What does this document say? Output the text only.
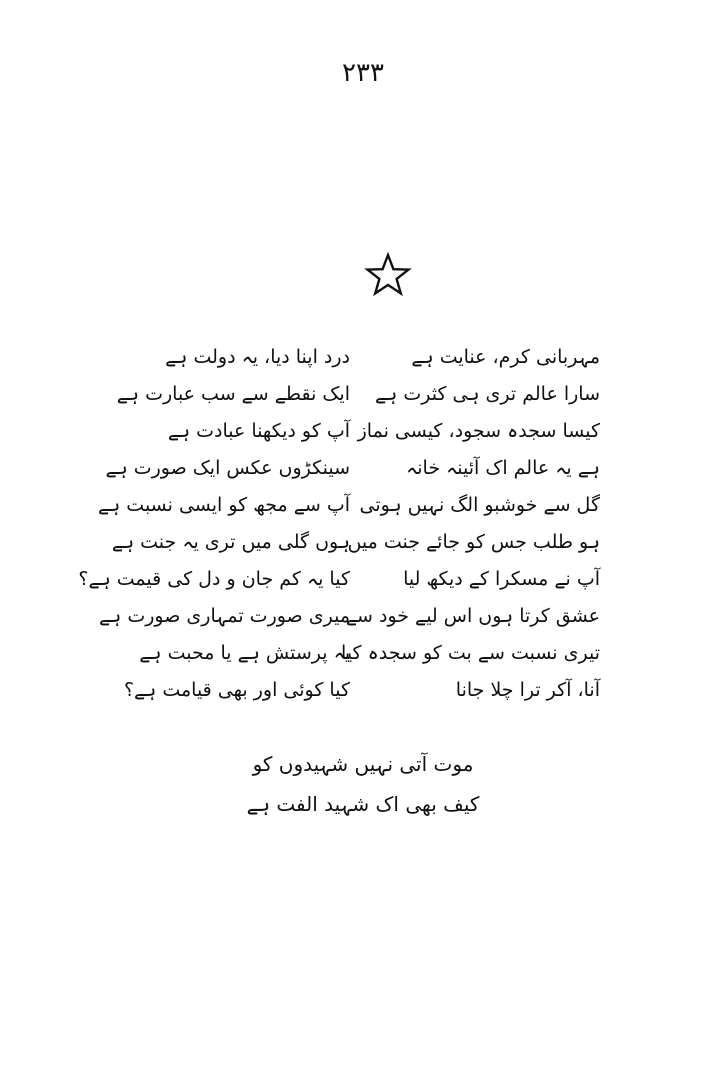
۲۳۳
مہربانی کرم، عنایت ہے
درد اپنا دیا، یہ دولت ہے
سارا عالم تری ہی کثرت ہے
ایک نقطے سے سب عبارت ہے
کیسا سجدہ سجود، کیسی نماز
آپ کو دیکھنا عبادت ہے
ہے یہ عالم اک آئینہ خانہ
سینکڑوں عکس ایک صورت ہے
گل سے خوشبو الگ نہیں ہوتی
آپ سے مجھ کو ایسی نسبت ہے
ہو طلب جس کو جائے جنت میں
ہوں گلی میں تری یہ جنت ہے
آپ نے مسکرا کے دیکھ لیا
کیا یہ کم جان و دل کی قیمت ہے؟
عشق کرتا ہوں اس لیے خود سے
میری صورت تمہاری صورت ہے
تیری نسبت سے بت کو سجدہ کیا
یہ پرستش ہے یا محبت ہے
آنا، آکر ترا چلا جانا
کیا کوئی اور بھی قیامت ہے؟
موت آتی نہیں شہیدوں کو
کیف بھی اک شہید الفت ہے
